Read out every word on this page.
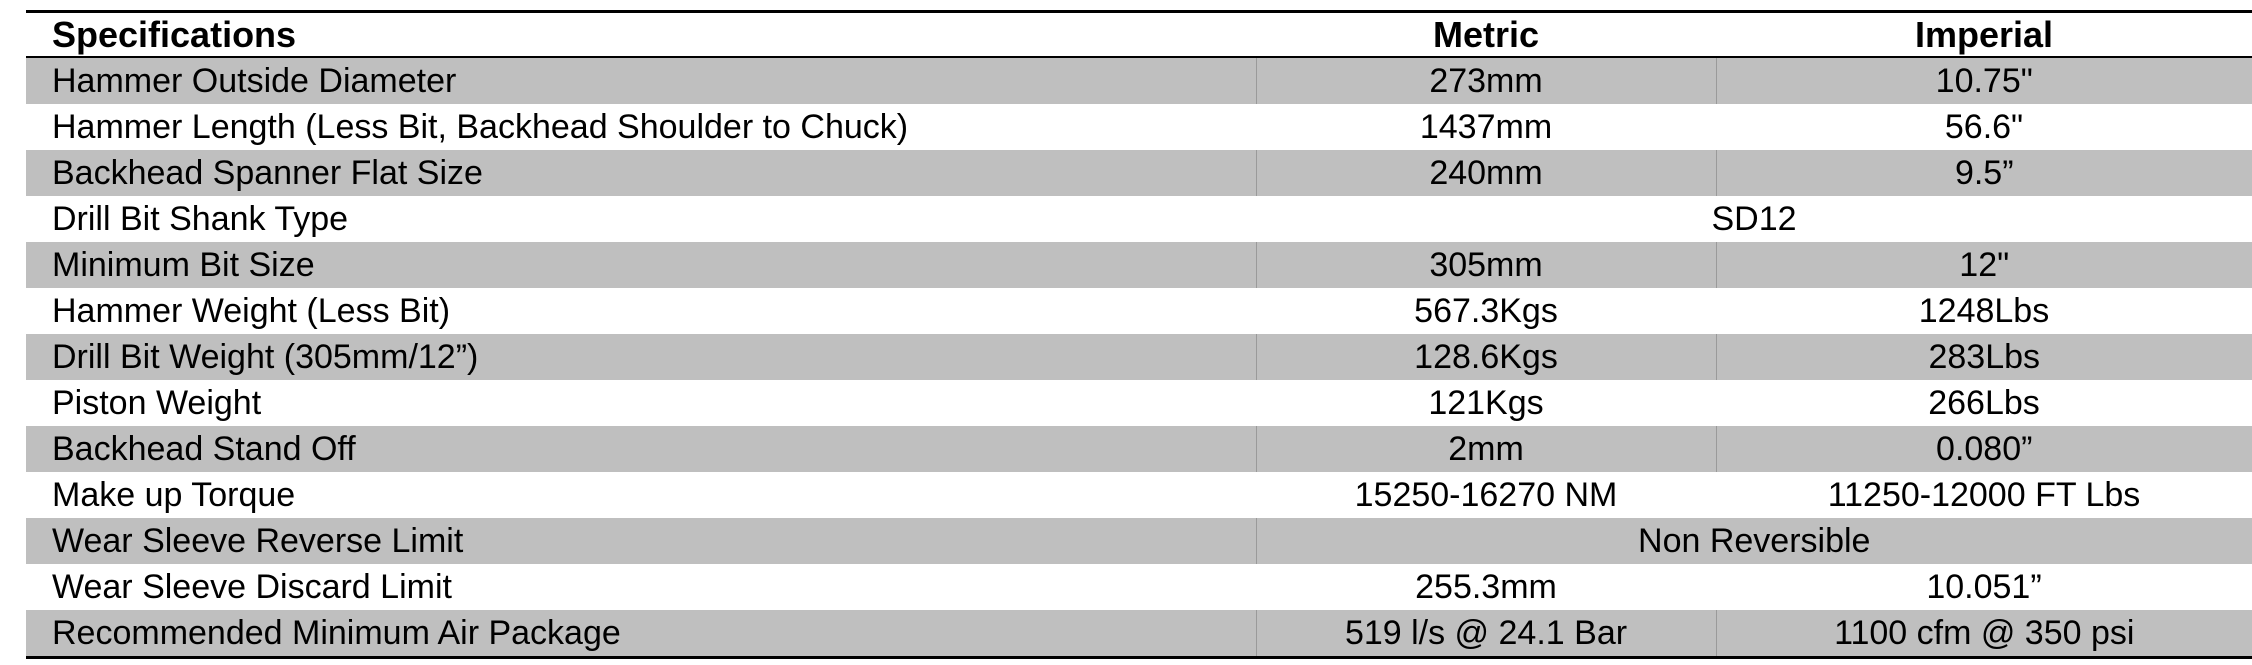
Specifications	Metric	Imperial
Hammer Outside Diameter	273mm	10.75"
Hammer Length (Less Bit, Backhead Shoulder to Chuck)	1437mm	56.6"
Backhead Spanner Flat Size	240mm	9.5”
Drill Bit Shank Type	SD12	
Minimum Bit Size	305mm	12"
Hammer Weight (Less Bit)	567.3Kgs	1248Lbs
Drill Bit Weight (305mm/12”)	128.6Kgs	283Lbs
Piston Weight	121Kgs	266Lbs
Backhead Stand Off	2mm	0.080”
Make up Torque	15250-16270 NM	11250-12000 FT Lbs
Wear Sleeve Reverse Limit	Non Reversible	
Wear Sleeve Discard Limit	255.3mm	10.051”
Recommended Minimum Air Package	519 l/s @ 24.1 Bar	1100 cfm @ 350 psi
